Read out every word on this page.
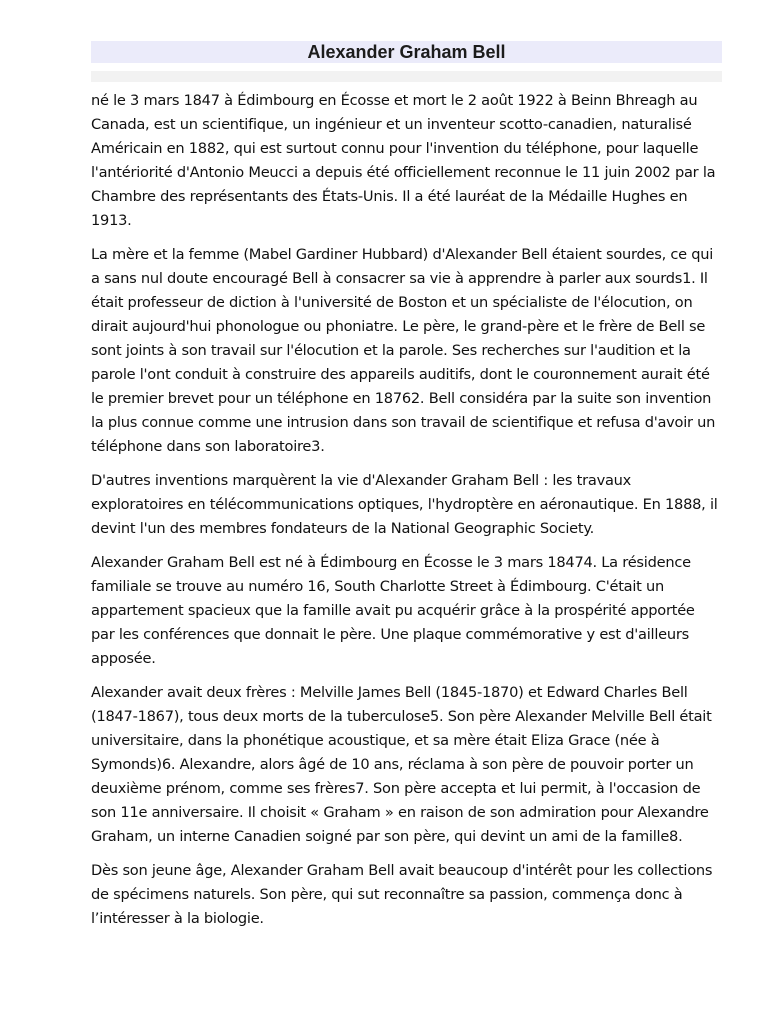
Alexander Graham Bell

né le 3 mars 1847 à Édimbourg en Écosse et mort le 2 août 1922 à Beinn Bhreagh au Canada, est un scientifique, un ingénieur et un inventeur scotto-canadien, naturalisé Américain en 1882, qui est surtout connu pour l'invention du téléphone, pour laquelle l'antériorité d'Antonio Meucci a depuis été officiellement reconnue le 11 juin 2002 par la Chambre des représentants des États-Unis. Il a été lauréat de la Médaille Hughes en 1913.

La mère et la femme (Mabel Gardiner Hubbard) d'Alexander Bell étaient sourdes, ce qui a sans nul doute encouragé Bell à consacrer sa vie à apprendre à parler aux sourds1. Il était professeur de diction à l'université de Boston et un spécialiste de l'élocution, on dirait aujourd'hui phonologue ou phoniatre. Le père, le grand-père et le frère de Bell se sont joints à son travail sur l'élocution et la parole. Ses recherches sur l'audition et la parole l'ont conduit à construire des appareils auditifs, dont le couronnement aurait été le premier brevet pour un téléphone en 18762. Bell considéra par la suite son invention la plus connue comme une intrusion dans son travail de scientifique et refusa d'avoir un téléphone dans son laboratoire3.

D'autres inventions marquèrent la vie d'Alexander Graham Bell : les travaux exploratoires en télécommunications optiques, l'hydroptère en aéronautique. En 1888, il devint l'un des membres fondateurs de la National Geographic Society.

Alexander Graham Bell est né à Édimbourg en Écosse le 3 mars 18474. La résidence familiale se trouve au numéro 16, South Charlotte Street à Édimbourg. C'était un appartement spacieux que la famille avait pu acquérir grâce à la prospérité apportée par les conférences que donnait le père. Une plaque commémorative y est d'ailleurs apposée.

Alexander avait deux frères : Melville James Bell (1845-1870) et Edward Charles Bell (1847-1867), tous deux morts de la tuberculose5. Son père Alexander Melville Bell était universitaire, dans la phonétique acoustique, et sa mère était Eliza Grace (née à Symonds)6. Alexandre, alors âgé de 10 ans, réclama à son père de pouvoir porter un deuxième prénom, comme ses frères7. Son père accepta et lui permit, à l'occasion de son 11e anniversaire. Il choisit « Graham » en raison de son admiration pour Alexandre Graham, un interne Canadien soigné par son père, qui devint un ami de la famille8.

Dès son jeune âge, Alexander Graham Bell avait beaucoup d'intérêt pour les collections de spécimens naturels. Son père, qui sut reconnaître sa passion, commença donc à l’intéresser à la biologie.
